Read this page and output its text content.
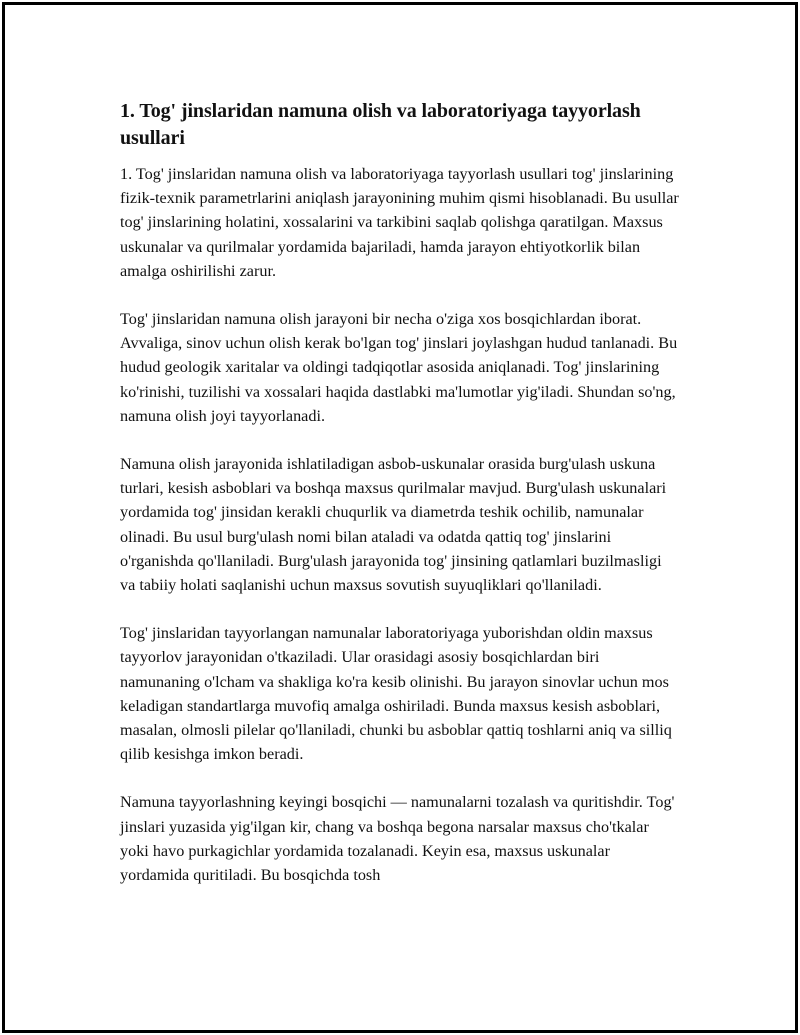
1. Tog' jinslaridan namuna olish va laboratoriyaga tayyorlash usullari

1. Tog' jinslaridan namuna olish va laboratoriyaga tayyorlash usullari tog' jinslarining fizik-texnik parametrlarini aniqlash jarayonining muhim qismi hisoblanadi. Bu usullar tog' jinslarining holatini, xossalarini va tarkibini saqlab qolishga qaratilgan. Maxsus uskunalar va qurilmalar yordamida bajariladi, hamda jarayon ehtiyotkorlik bilan amalga oshirilishi zarur.

Tog' jinslaridan namuna olish jarayoni bir necha o'ziga xos bosqichlardan iborat. Avvaliga, sinov uchun olish kerak bo'lgan tog' jinslari joylashgan hudud tanlanadi. Bu hudud geologik xaritalar va oldingi tadqiqotlar asosida aniqlanadi. Tog' jinslarining ko'rinishi, tuzilishi va xossalari haqida dastlabki ma'lumotlar yig'iladi. Shundan so'ng, namuna olish joyi tayyorlanadi.

Namuna olish jarayonida ishlatiladigan asbob-uskunalar orasida burg'ulash uskuna turlari, kesish asboblari va boshqa maxsus qurilmalar mavjud. Burg'ulash uskunalari yordamida tog' jinsidan kerakli chuqurlik va diametrda teshik ochilib, namunalar olinadi. Bu usul burg'ulash nomi bilan ataladi va odatda qattiq tog' jinslarini o'rganishda qo'llaniladi. Burg'ulash jarayonida tog' jinsining qatlamlari buzilmasligi va tabiiy holati saqlanishi uchun maxsus sovutish suyuqliklari qo'llaniladi.

Tog' jinslaridan tayyorlangan namunalar laboratoriyaga yuborishdan oldin maxsus tayyorlov jarayonidan o'tkaziladi. Ular orasidagi asosiy bosqichlardan biri namunaning o'lcham va shakliga ko'ra kesib olinishi. Bu jarayon sinovlar uchun mos keladigan standartlarga muvofiq amalga oshiriladi. Bunda maxsus kesish asboblari, masalan, olmosli pilelar qo'llaniladi, chunki bu asboblar qattiq toshlarni aniq va silliq qilib kesishga imkon beradi.

Namuna tayyorlashning keyingi bosqichi — namunalarni tozalash va quritishdir. Tog' jinslari yuzasida yig'ilgan kir, chang va boshqa begona narsalar maxsus cho'tkalar yoki havo purkagichlar yordamida tozalanadi. Keyin esa, maxsus uskunalar yordamida quritiladi. Bu bosqichda tosh
